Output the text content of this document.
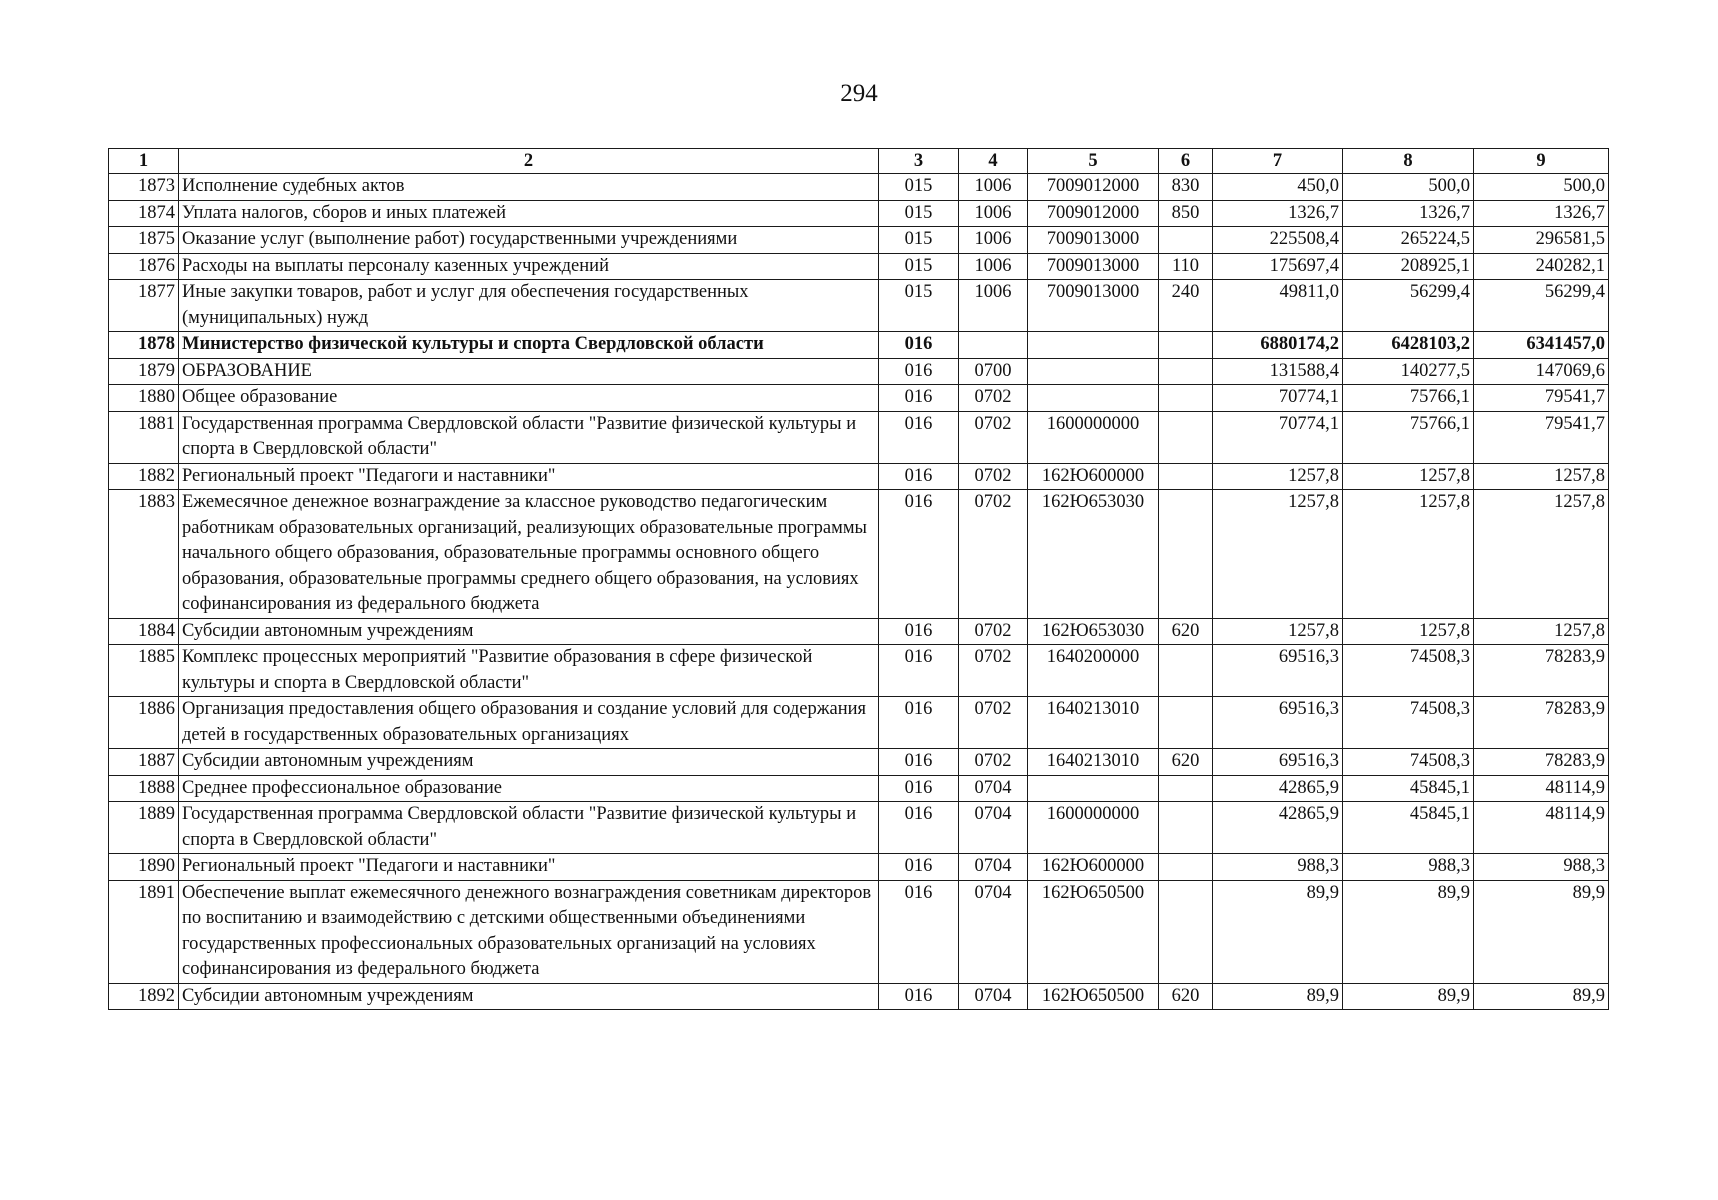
294
1	2	3	4	5	6	7	8	9
1873	Исполнение судебных актов	015	1006	7009012000	830	450,0	500,0	500,0
1874	Уплата налогов, сборов и иных платежей	015	1006	7009012000	850	1326,7	1326,7	1326,7
1875	Оказание услуг (выполнение работ) государственными учреждениями	015	1006	7009013000		225508,4	265224,5	296581,5
1876	Расходы на выплаты персоналу казенных учреждений	015	1006	7009013000	110	175697,4	208925,1	240282,1
1877	Иные закупки товаров, работ и услуг для обеспечения государственных (муниципальных) нужд	015	1006	7009013000	240	49811,0	56299,4	56299,4
1878	Министерство физической культуры и спорта Свердловской области	016				6880174,2	6428103,2	6341457,0
1879	ОБРАЗОВАНИЕ	016	0700			131588,4	140277,5	147069,6
1880	Общее образование	016	0702			70774,1	75766,1	79541,7
1881	Государственная программа Свердловской области "Развитие физической культуры и спорта в Свердловской области"	016	0702	1600000000		70774,1	75766,1	79541,7
1882	Региональный проект "Педагоги и наставники"	016	0702	162Ю600000		1257,8	1257,8	1257,8
1883	Ежемесячное денежное вознаграждение за классное руководство педагогическим работникам образовательных организаций, реализующих образовательные программы начального общего образования, образовательные программы основного общего образования, образовательные программы среднего общего образования, на условиях софинансирования из федерального бюджета	016	0702	162Ю653030		1257,8	1257,8	1257,8
1884	Субсидии автономным учреждениям	016	0702	162Ю653030	620	1257,8	1257,8	1257,8
1885	Комплекс процессных мероприятий "Развитие образования в сфере физической культуры и спорта в Свердловской области"	016	0702	1640200000		69516,3	74508,3	78283,9
1886	Организация предоставления общего образования и создание условий для содержания детей в государственных образовательных организациях	016	0702	1640213010		69516,3	74508,3	78283,9
1887	Субсидии автономным учреждениям	016	0702	1640213010	620	69516,3	74508,3	78283,9
1888	Среднее профессиональное образование	016	0704			42865,9	45845,1	48114,9
1889	Государственная программа Свердловской области "Развитие физической культуры и спорта в Свердловской области"	016	0704	1600000000		42865,9	45845,1	48114,9
1890	Региональный проект "Педагоги и наставники"	016	0704	162Ю600000		988,3	988,3	988,3
1891	Обеспечение выплат ежемесячного денежного вознаграждения советникам директоров по воспитанию и взаимодействию с детскими общественными объединениями государственных профессиональных образовательных организаций на условиях софинансирования из федерального бюджета	016	0704	162Ю650500		89,9	89,9	89,9
1892	Субсидии автономным учреждениям	016	0704	162Ю650500	620	89,9	89,9	89,9
